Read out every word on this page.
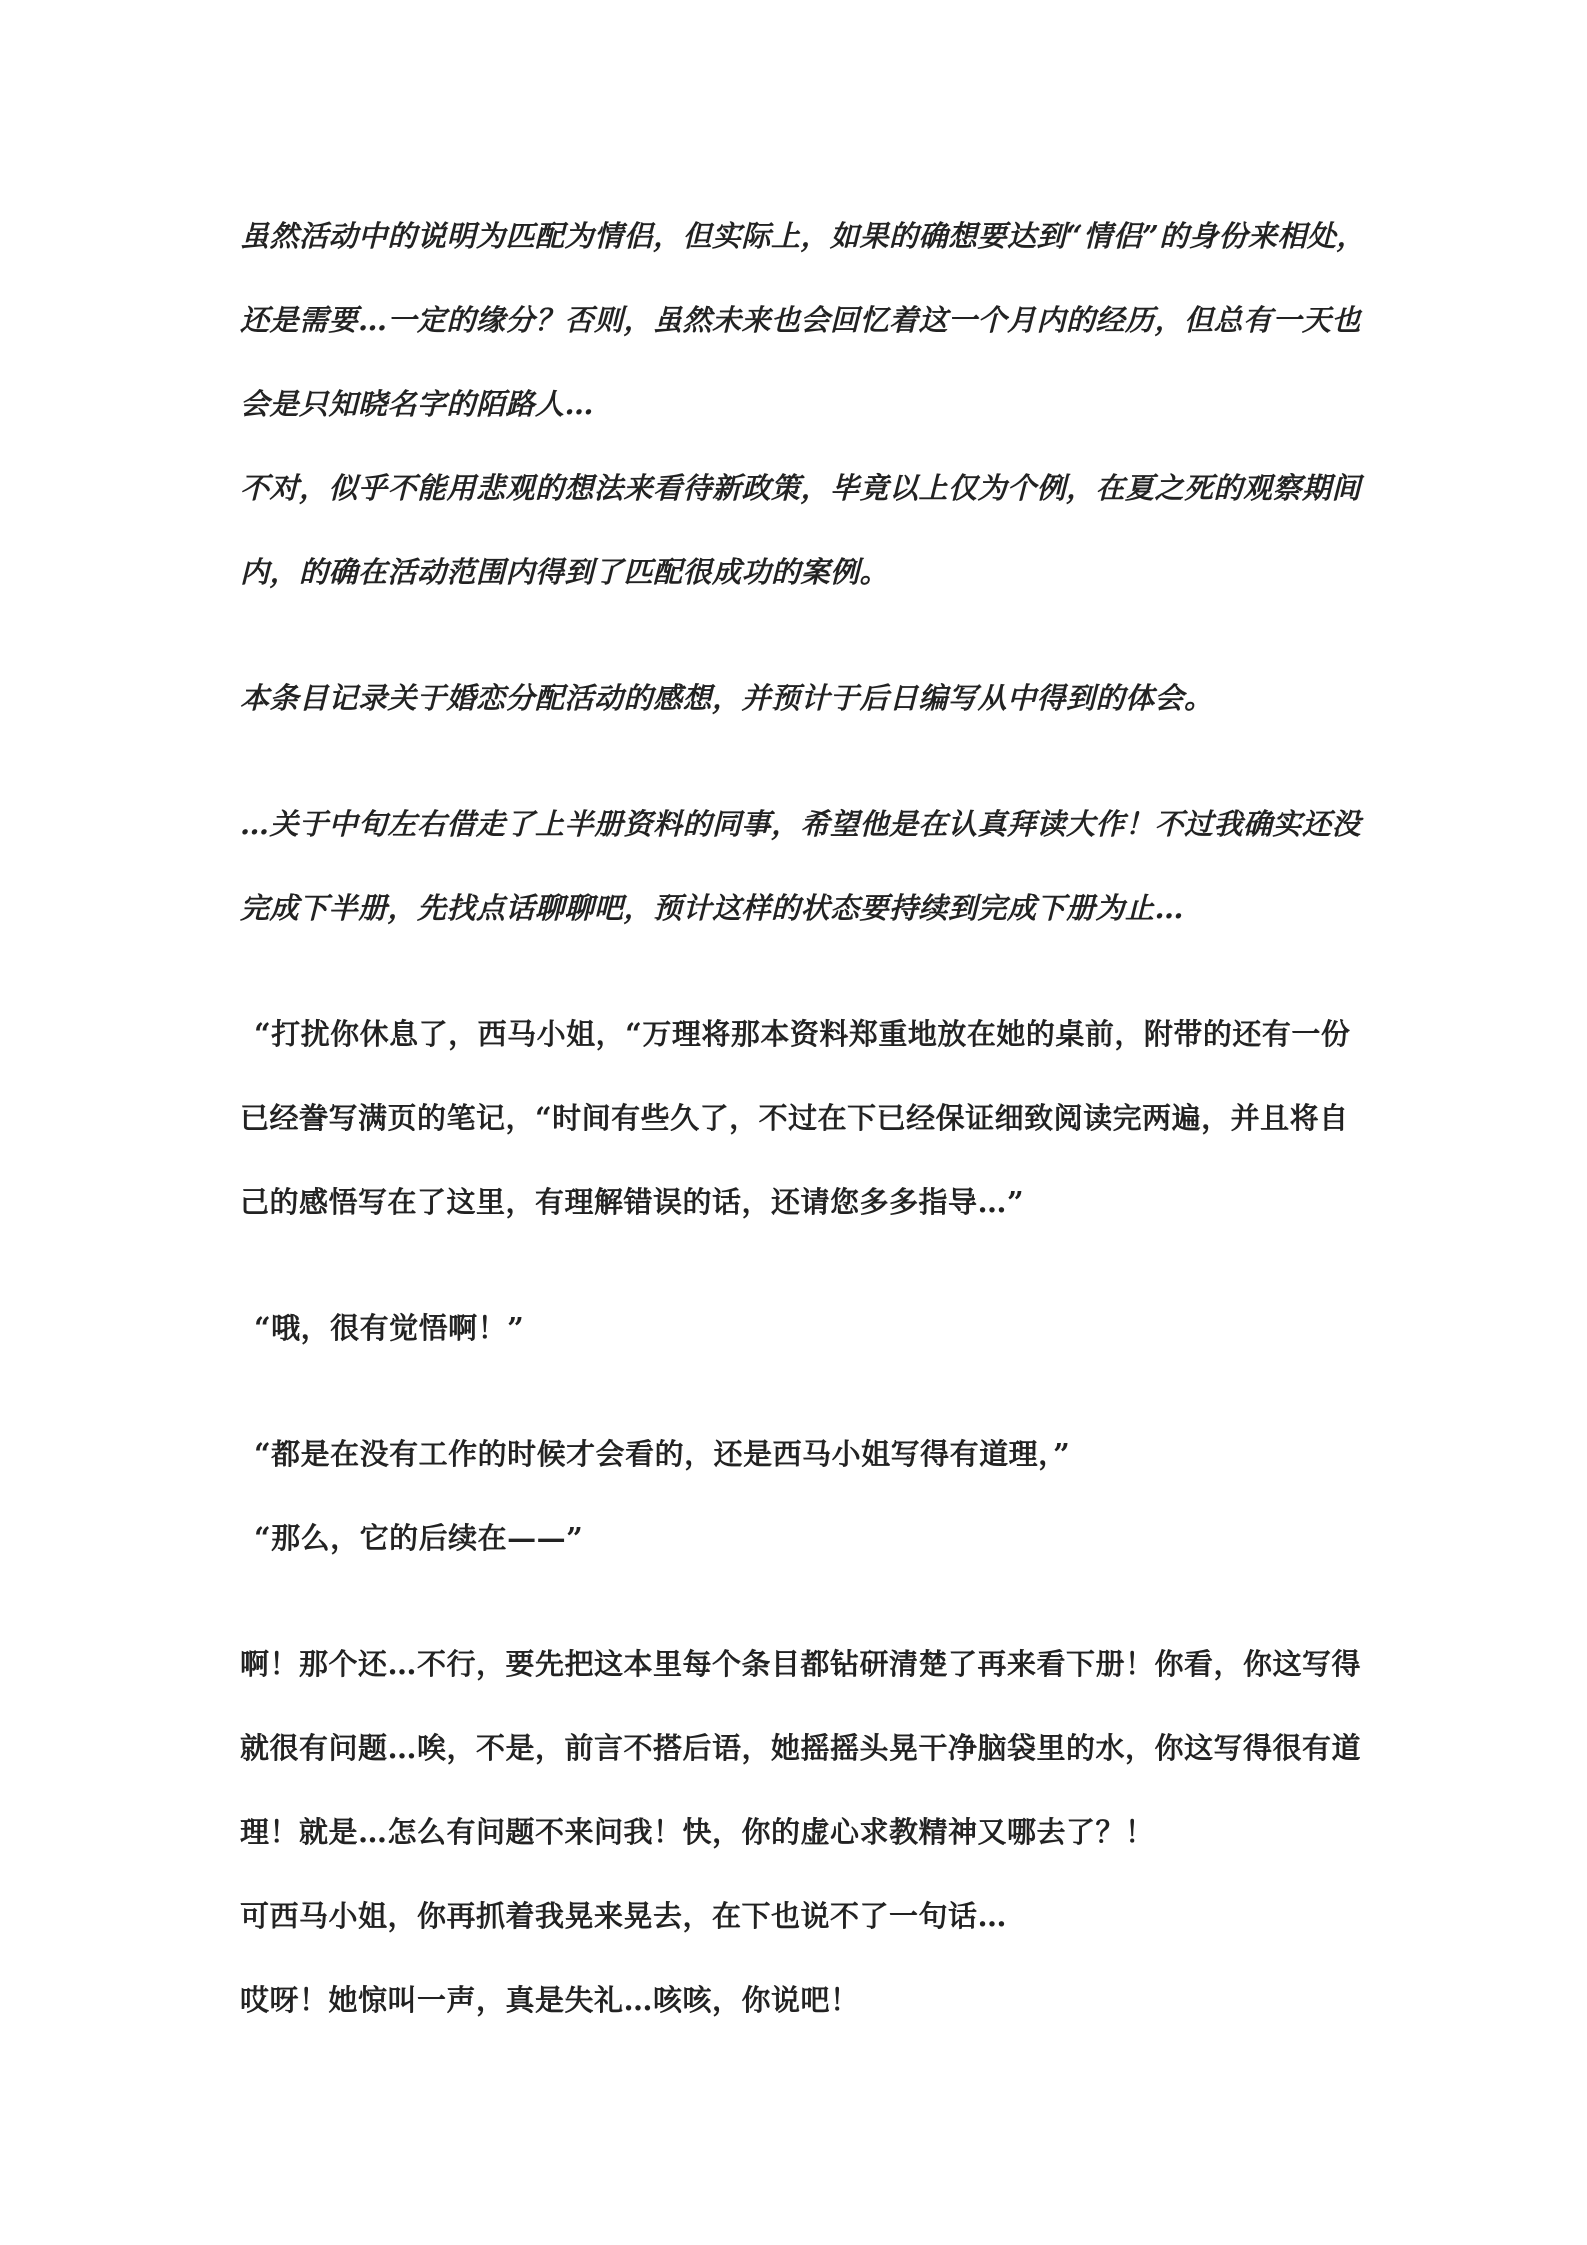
虽然活动中的说明为匹配为情侣，但实际上，如果的确想要达到“情侣”的身份来相处，
还是需要…一定的缘分？否则，虽然未来也会回忆着这一个月内的经历，但总有一天也
会是只知晓名字的陌路人…
不对，似乎不能用悲观的想法来看待新政策，毕竟以上仅为个例，在夏之死的观察期间
内，的确在活动范围内得到了匹配很成功的案例。
本条目记录关于婚恋分配活动的感想，并预计于后日编写从中得到的体会。
…关于中旬左右借走了上半册资料的同事，希望他是在认真拜读大作！不过我确实还没
完成下半册，先找点话聊聊吧，预计这样的状态要持续到完成下册为止…
“打扰你休息了，西马小姐，“万理将那本资料郑重地放在她的桌前，附带的还有一份
已经誊写满页的笔记，“时间有些久了，不过在下已经保证细致阅读完两遍，并且将自
己的感悟写在了这里，有理解错误的话，还请您多多指导…”
“哦，很有觉悟啊！”
“都是在没有工作的时候才会看的，还是西马小姐写得有道理，”
“那么，它的后续在——”
啊！那个还…不行，要先把这本里每个条目都钻研清楚了再来看下册！你看，你这写得
就很有问题…唉，不是，前言不搭后语，她摇摇头晃干净脑袋里的水，你这写得很有道
理！就是…怎么有问题不来问我！快，你的虚心求教精神又哪去了？！
可西马小姐，你再抓着我晃来晃去，在下也说不了一句话…
哎呀！她惊叫一声，真是失礼…咳咳，你说吧！
